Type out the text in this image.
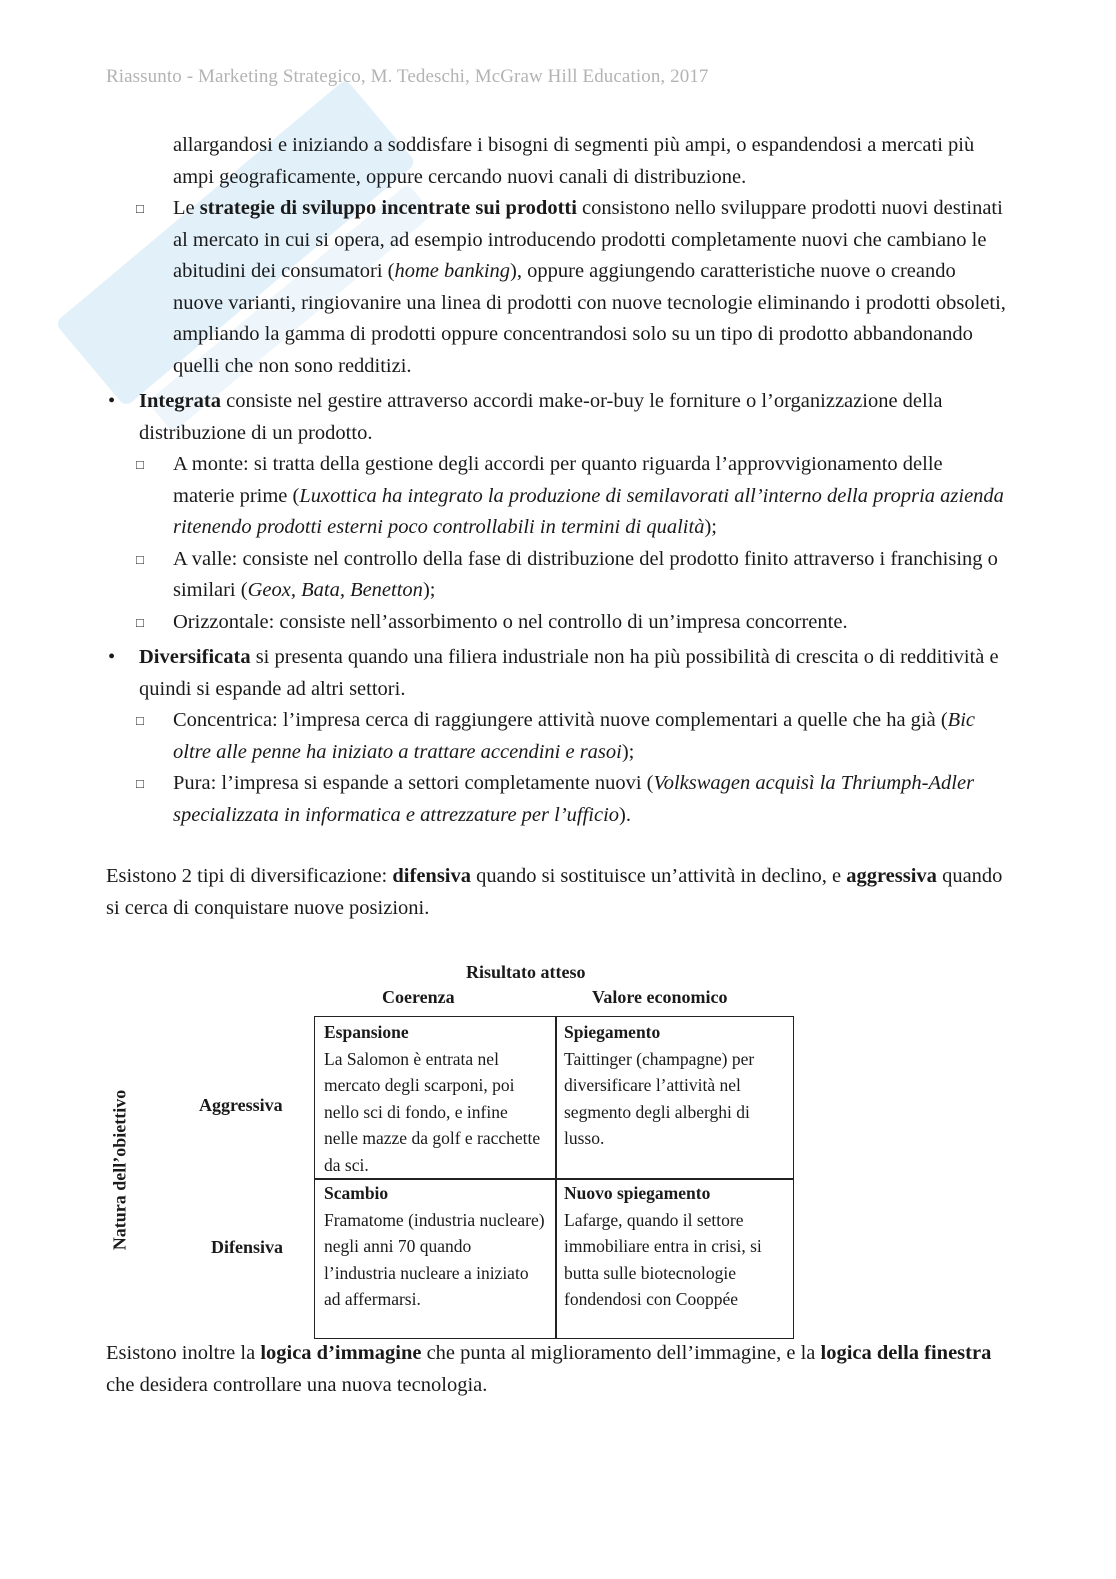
Riassunto - Marketing Strategico, M. Tedeschi, McGraw Hill Education, 2017

allargandosi e iniziando a soddisfare i bisogni di segmenti più ampi, o espandendosi a mercati più ampi geograficamente, oppure cercando nuovi canali di distribuzione.

□ Le strategie di sviluppo incentrate sui prodotti consistono nello sviluppare prodotti nuovi destinati al mercato in cui si opera, ad esempio introducendo prodotti completamente nuovi che cambiano le abitudini dei consumatori (home banking), oppure aggiungendo caratteristiche nuove o creando nuove varianti, ringiovanire una linea di prodotti con nuove tecnologie eliminando i prodotti obsoleti, ampliando la gamma di prodotti oppure concentrandosi solo su un tipo di prodotto abbandonando quelli che non sono redditizi.
• Integrata consiste nel gestire attraverso accordi make-or-buy le forniture o l’organizzazione della distribuzione di un prodotto.
□ A monte: si tratta della gestione degli accordi per quanto riguarda l’approvvigionamento delle materie prime (Luxottica ha integrato la produzione di semilavorati all’interno della propria azienda ritenendo prodotti esterni poco controllabili in termini di qualità);
□ A valle: consiste nel controllo della fase di distribuzione del prodotto finito attraverso i franchising o similari (Geox, Bata, Benetton);
□ Orizzontale: consiste nell’assorbimento o nel controllo di un’impresa concorrente.
• Diversificata si presenta quando una filiera industriale non ha più possibilità di crescita o di redditività e quindi si espande ad altri settori.
□ Concentrica: l’impresa cerca di raggiungere attività nuove complementari a quelle che ha già (Bic oltre alle penne ha iniziato a trattare accendini e rasoi);
□ Pura: l’impresa si espande a settori completamente nuovi (Volkswagen acquisì la Thriumph-Adler specializzata in informatica e attrezzature per l’ufficio).

Esistono 2 tipi di diversificazione: difensiva quando si sostituisce un’attività in declino, e aggressiva quando si cerca di conquistare nuove posizioni.

Risultato atteso
Coerenza	Valore economico
Natura dell’obiettivo	Aggressiva
Difensiva
Espansione
La Salomon è entrata nel mercato degli scarponi, poi nello sci di fondo, e infine nelle mazze da golf e racchette da sci.
Spiegamento
Taittinger (champagne) per diversificare l’attività nel segmento degli alberghi di lusso.
Scambio
Framatome (industria nucleare) negli anni 70 quando l’industria nucleare a iniziato ad affermarsi.
Nuovo spiegamento
Lafarge, quando il settore immobiliare entra in crisi, si butta sulle biotecnologie fondendosi con Cooppée

Esistono inoltre la logica d’immagine che punta al miglioramento dell’immagine, e la logica della finestra che desidera controllare una nuova tecnologia.
